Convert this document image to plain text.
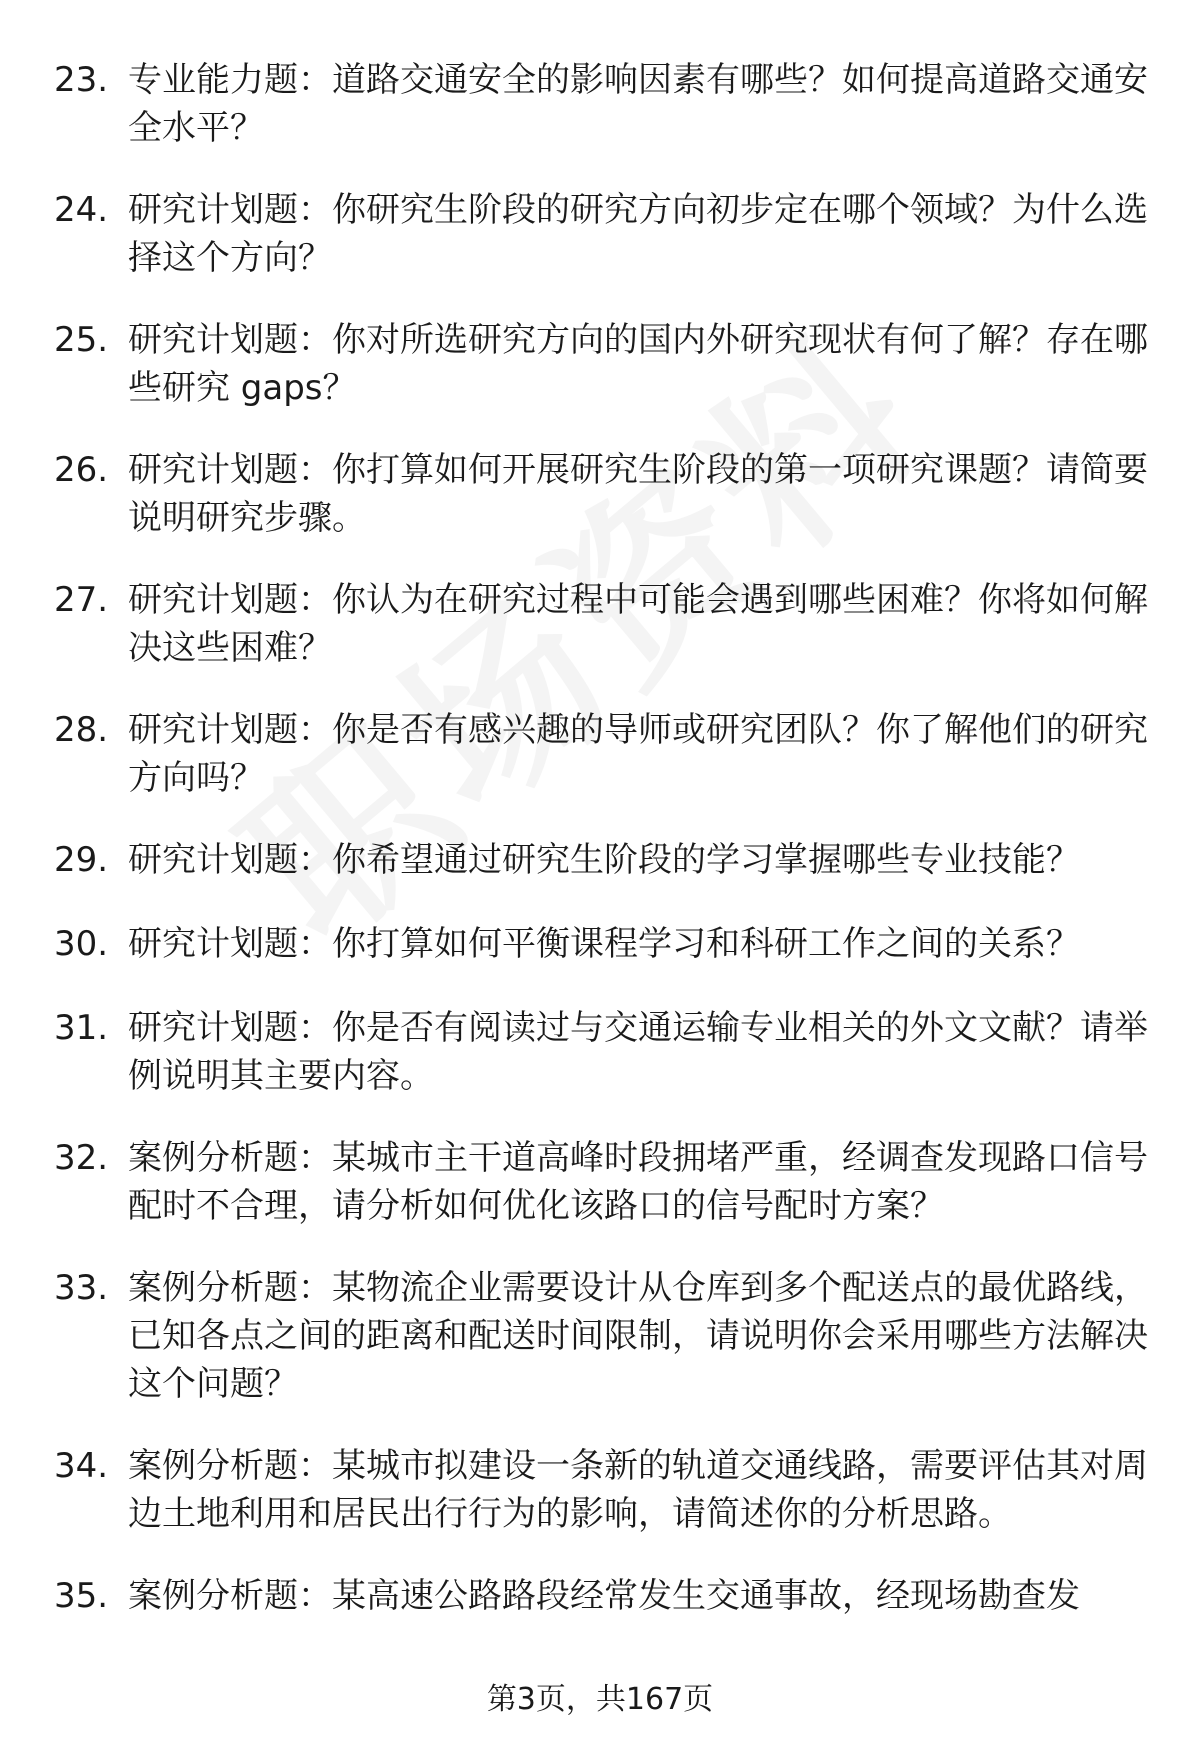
23. 专业能力题：道路交通安全的影响因素有哪些？如何提高道路交通安全水平？
24. 研究计划题：你研究生阶段的研究方向初步定在哪个领域？为什么选择这个方向？
25. 研究计划题：你对所选研究方向的国内外研究现状有何了解？存在哪些研究 gaps？
26. 研究计划题：你打算如何开展研究生阶段的第一项研究课题？请简要说明研究步骤。
27. 研究计划题：你认为在研究过程中可能会遇到哪些困难？你将如何解决这些困难？
28. 研究计划题：你是否有感兴趣的导师或研究团队？你了解他们的研究方向吗？
29. 研究计划题：你希望通过研究生阶段的学习掌握哪些专业技能？
30. 研究计划题：你打算如何平衡课程学习和科研工作之间的关系？
31. 研究计划题：你是否有阅读过与交通运输专业相关的外文文献？请举例说明其主要内容。
32. 案例分析题：某城市主干道高峰时段拥堵严重，经调查发现路口信号配时不合理，请分析如何优化该路口的信号配时方案？
33. 案例分析题：某物流企业需要设计从仓库到多个配送点的最优路线，已知各点之间的距离和配送时间限制，请说明你会采用哪些方法解决这个问题？
34. 案例分析题：某城市拟建设一条新的轨道交通线路，需要评估其对周边土地利用和居民出行行为的影响，请简述你的分析思路。
35. 案例分析题：某高速公路路段经常发生交通事故，经现场勘查发
第3页，共167页
